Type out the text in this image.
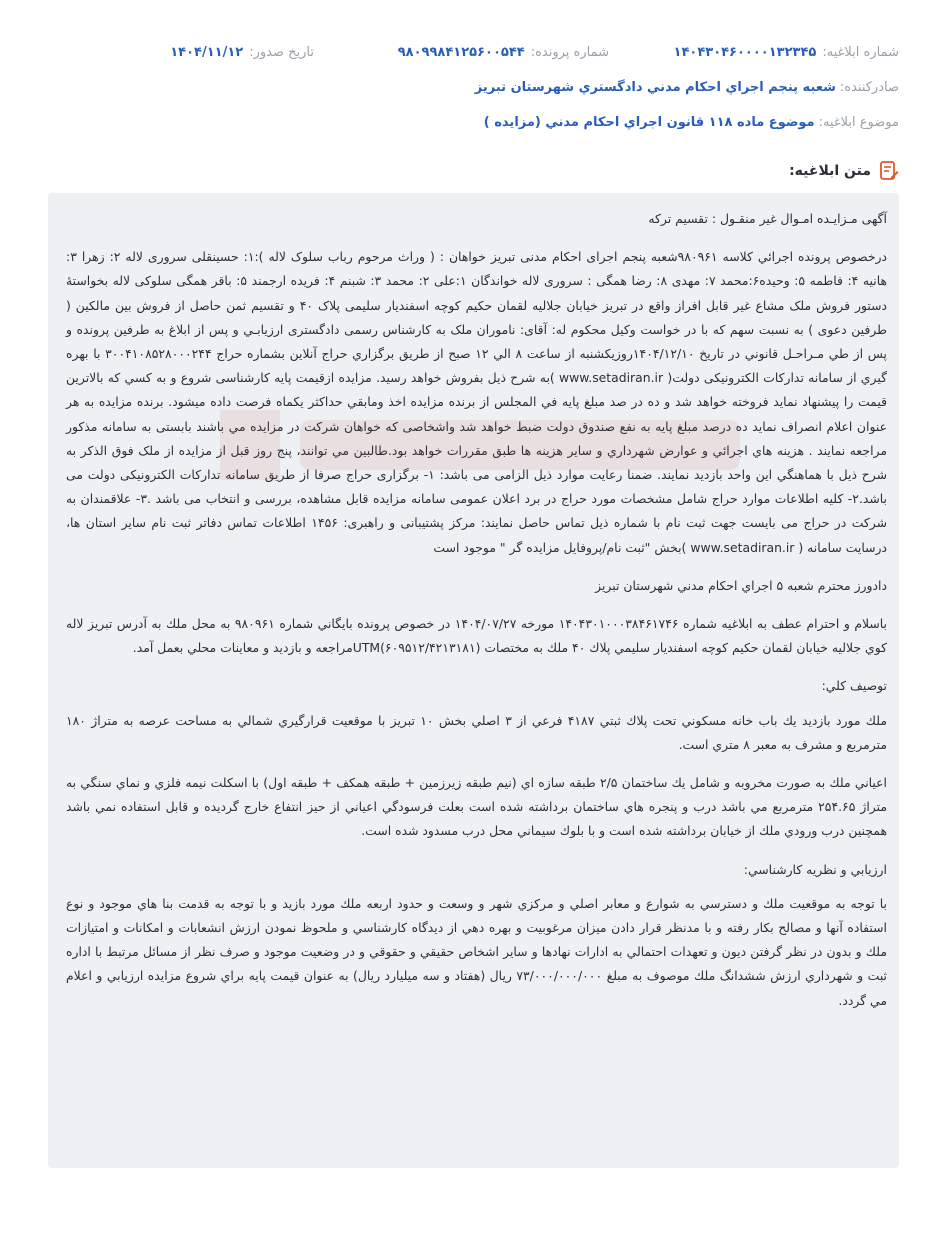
شماره ابلاغیه:۱۴۰۴۳۰۴۶۰۰۰۰۱۳۲۳۴۵
شماره پرونده:۹۸۰۹۹۸۴۱۲۵۶۰۰۵۴۴
تاریخ صدور:۱۴۰۴/۱۱/۱۲
صادرکننده:شعبه پنجم اجراي احكام مدني دادگستري شهرستان تبريز
موضوع ابلاغیه:موضوع ماده ۱۱۸ قانون اجراي احكام مدني (مزايده )
متن ابلاغیه:

آگهی مـزایـده امـوال غیر منقـول : تقسیم ترکه

درخصوص پرونده اجرائي کلاسه ۹۸۰۹۶۱شعبه پنجم اجرای احکام مدنی تبریز خواهان : ( وراث مرحوم رباب سلوک لاله ):۱: حسینقلی سروری لاله ۲: زهرا ۳: هانیه ۴: فاطمه ۵: وحیده۶:محمد ۷: مهدی ۸: رضا همگی : سروری لاله خواندگان ۱:علی ۲: محمد ۳: شبنم ۴: فریده ارجمند ۵: باقر همگی سلوکی لاله بخواستهٔ دستور فروش ملک مشاع غیر قابل افراز واقع در تبریز خیابان جلالیه لقمان حکیم کوچه اسفندیار سلیمی پلاک ۴۰ و تقسیم ثمن حاصل از فروش بین مالکین ( طرفین دعوی ) به نسبت سهم که با در خواست وکیل محکوم له: آقای: ناموران ملک به کارشناس رسمی دادگستری ارزیابـي و پس از ابلاغ به طرفين پرونده و پس از طي مـراحـل قانوني در تاريخ ۱۴۰۴/۱۲/۱۰روزيکشنبه از ساعت ۸ الي ۱۲ صبح از طريق برگزاري حراج آنلاين بشماره حراج ۳۰۰۴۱۰۸۵۲۸۰۰۰۲۴۴ با بهره گيري از سامانه تدارکات الکترونيکی دولت( www.setadiran.ir )به شرح ذيل بفروش خواهد رسيد. مزايده ازقيمت پايه کارشناسی شروع و به کسي که بالاترين قيمت را پيشنهاد نمايد فروخته خواهد شد و ده در صد مبلغ پايه في المجلس از برنده مزايده اخذ ومابقي حداکثر يکماه فرصت داده ميشود. برنده مزايده به هر عنوان اعلام انصراف نمايد ده درصد مبلغ پايه به نفع صندوق دولت ضبط خواهد شد واشخاصی که خواهان شرکت در مزايده مي باشند بابستی به سامانه مذکور مراجعه نمايند . هزينه هاي اجرائي و عوارض شهرداري و ساير هزينه ها طبق مقررات خواهد بود.طالبين مي توانند، پنج روز قبل از مزايده از ملک فوق الذکر به شرح ذيل با هماهنگي اين واحد بازديد نمايند. ضمنا رعايت موارد ذيل الزامی می باشد: ۱- برگزاری حراج صرفا از طريق سامانه تدارکات الکترونيکی دولت می باشد.۲- کليه اطلاعات موارد حراج شامل مشخصات مورد حراج در برد اعلان عمومی سامانه مزايده قابل مشاهده، بررسی و انتخاب می باشد .۳- علاقمندان به شرکت در حراج می بايست جهت ثبت نام با شماره ذيل تماس حاصل نمايند: مرکز پشتيبانی و راهبری: ۱۴۵۶ اطلاعات تماس دفاتر ثبت نام ساير استان ها، درسايت سامانه ( www.setadiran.ir )بخش "ثبت نام/پروفايل مزايده گر " موجود است

دادورز محترم شعبه ۵ اجراي احكام مدني شهرستان تبريز

باسلام و احترام عطف به ابلاغيه شماره ۱۴۰۴۳۰۱۰۰۰۳۸۴۶۱۷۴۶ مورخه ۱۴۰۴/۰۷/۲۷ در خصوص پرونده بايگاني شماره ۹۸۰۹۶۱ به محل ملك به آدرس تبريز لاله كوي جلاليه خيابان لقمان حكيم كوچه اسفنديار سليمي پلاك ۴۰ ملك به مختصات UTM(۶۰۹۵۱۲/۴۲۱۳۱۸۱)مراجعه و بازديد و معاينات محلي بعمل آمد.

توصيف كلي:

ملك مورد بازديد يك باب خانه مسكوني تحت پلاك ثبتي ۴۱۸۷ فرعي از ۳ اصلي بخش ۱۰ تبريز با موقعيت قرارگيري شمالي به مساحت عرصه به متراژ ۱۸۰ مترمربع و مشرف به معبر ۸ متري است.

اعياني ملك به صورت مخروبه و شامل يك ساختمان ۲/۵ طبقه سازه اي (نيم طبقه زيرزمين + طبقه همكف + طبقه اول) با اسكلت نيمه فلزي و نماي سنگي به متراژ ۲۵۴.۶۵ مترمربع مي باشد درب و پنجره هاي ساختمان برداشته شده است بعلت فرسودگي اعياني از حيز انتفاع خارج گرديده و قابل استفاده نمي باشد همچنين درب ورودي ملك از خيابان برداشته شده است و با بلوك سيماني محل درب مسدود شده است.

ارزيابي و نظريه كارشناسي:

با توجه به موقعيت ملك و دسترسي به شوارع و معابر اصلي و مركزي شهر و وسعت و حدود اربعه ملك مورد بازيد و با توجه به قدمت بنا هاي موجود و نوع استفاده آنها و مصالح بكار رفته و با مدنظر قرار دادن ميزان مرغوبيت و بهره دهي از ديدگاه كارشناسي و ملحوظ نمودن ارزش انشعابات و امكانات و امتيازات ملك و بدون در نظر گرفتن ديون و تعهدات احتمالي به ادارات نهادها و ساير اشخاص حقيقي و حقوقي و در وضعيت موجود و صرف نظر از مسائل مرتبط با اداره ثبت و شهرداري ارزش ششدانگ ملك موصوف به مبلغ ۷۳/۰۰۰/۰۰۰/۰۰۰ ريال (هفتاد و سه ميليارد ريال) به عنوان قيمت پايه براي شروع مزايده ارزيابي و اعلام مي گردد.
